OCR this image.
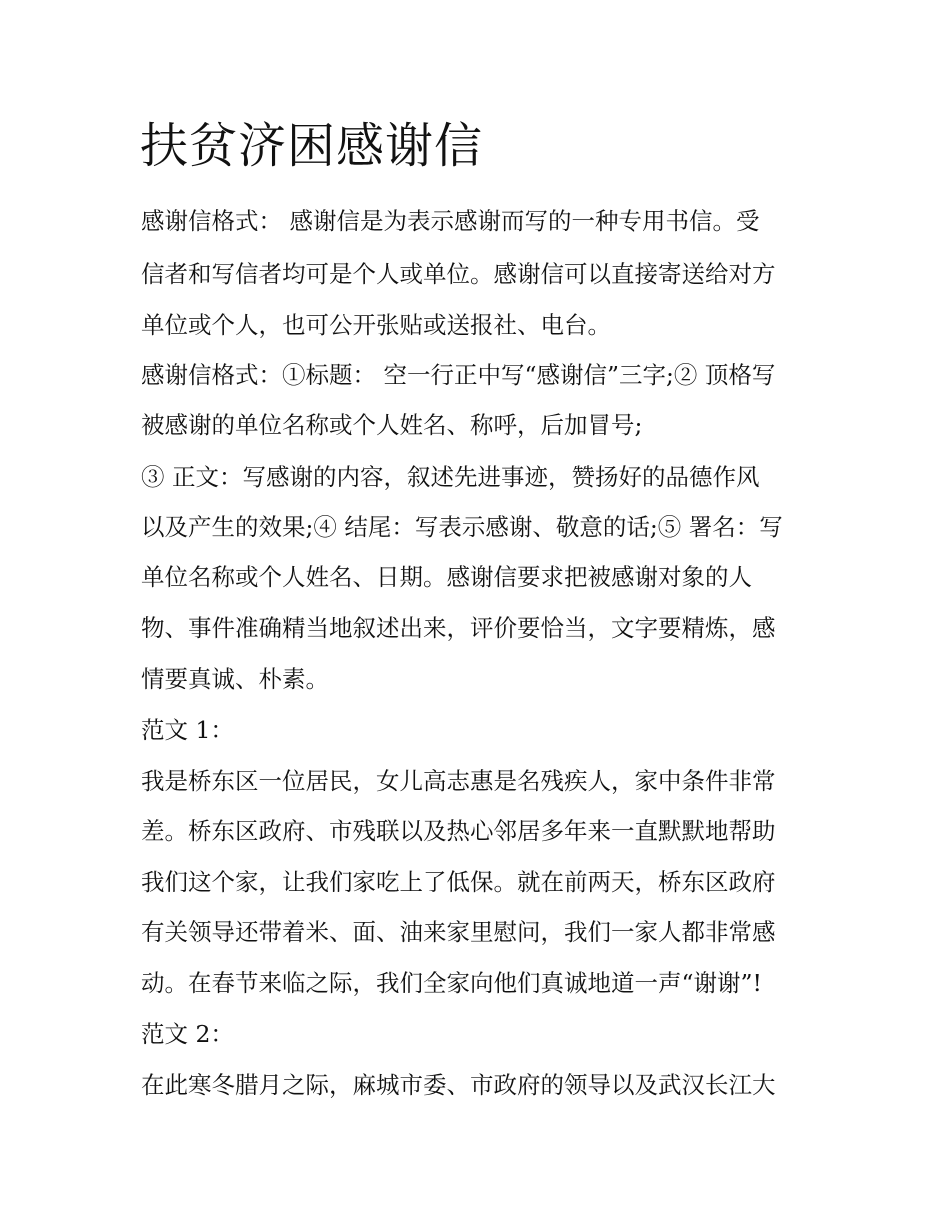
扶贫济困感谢信

感谢信格式： 感谢信是为表示感谢而写的一种专用书信。受

信者和写信者均可是个人或单位。感谢信可以直接寄送给对方

单位或个人，也可公开张贴或送报社、电台。

感谢信格式：①标题： 空一行正中写“感谢信”三字;② 顶格写

被感谢的单位名称或个人姓名、称呼，后加冒号;

③ 正文：写感谢的内容，叙述先进事迹，赞扬好的品德作风

以及产生的效果;④ 结尾：写表示感谢、敬意的话;⑤ 署名：写

单位名称或个人姓名、日期。感谢信要求把被感谢对象的人

物、事件准确精当地叙述出来，评价要恰当，文字要精炼，感

情要真诚、朴素。

范文 1：

我是桥东区一位居民，女儿高志惠是名残疾人，家中条件非常

差。桥东区政府、市残联以及热心邻居多年来一直默默地帮助

我们这个家，让我们家吃上了低保。就在前两天，桥东区政府

有关领导还带着米、面、油来家里慰问，我们一家人都非常感

动。在春节来临之际，我们全家向他们真诚地道一声“谢谢”!

范文 2：

在此寒冬腊月之际，麻城市委、市政府的领导以及武汉长江大
